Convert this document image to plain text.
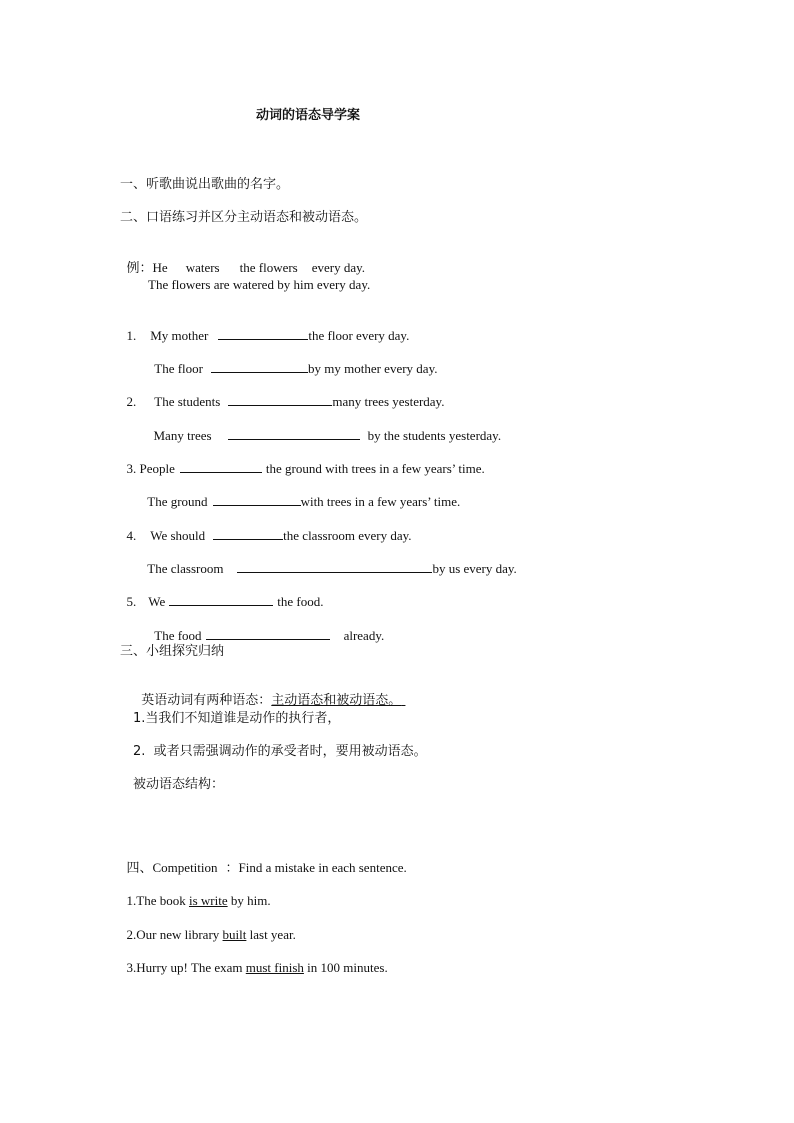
动词的语态导学案
一、听歌曲说出歌曲的名字。
二、口语练习并区分主动语态和被动语态。

例：He waters the flowers every day.

The flowers are watered by him every day.

1. My mother	the floor every day.

The floor	by my mother every day.

2. The students	many trees yesterday.

Many trees	by the students yesterday.

3. People	the ground with trees in a few years’ time.

The ground	with trees in a few years’ time.

4. We should	the classroom every day.

The classroom	by us every day.

5. We	the food.

The food	already.

三、小组探究归纳

英语动词有两种语态：主动语态和被动语态。

1.当我们不知道谁是动作的执行者，
2.  或者只需强调动作的承受者时，要用被动语态。
被动语态结构：

四、Competition ：Find a mistake in each sentence.

1.The book is write by him.

2.Our new library built last year.

3.Hurry up! The exam must finish in 100 minutes.
